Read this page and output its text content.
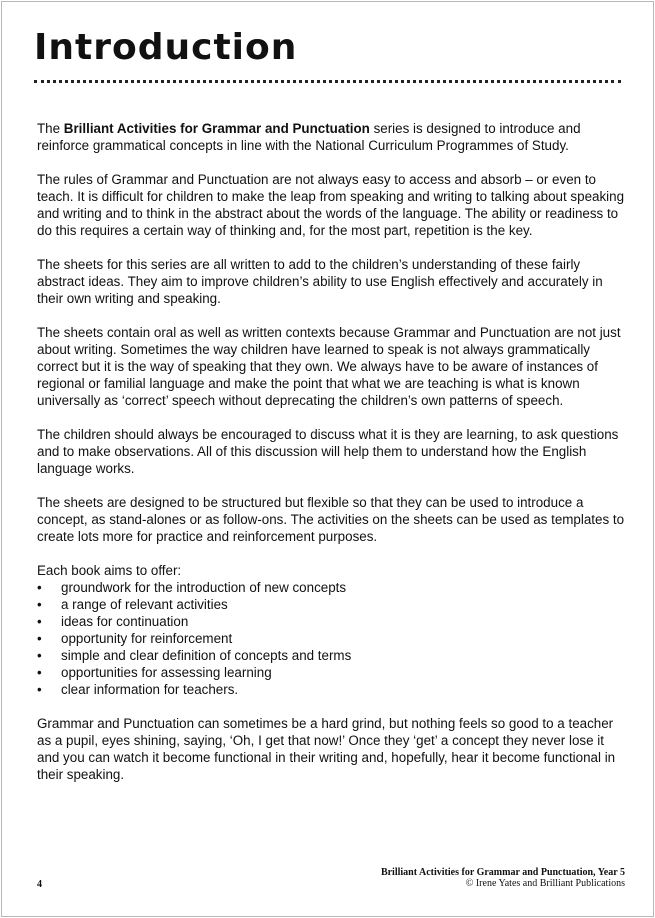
Introduction

The Brilliant Activities for Grammar and Punctuation series is designed to introduce and reinforce grammatical concepts in line with the National Curriculum Programmes of Study.

The rules of Grammar and Punctuation are not always easy to access and absorb – or even to teach. It is difficult for children to make the leap from speaking and writing to talking about speaking and writing and to think in the abstract about the words of the language. The ability or readiness to do this requires a certain way of thinking and, for the most part, repetition is the key.

The sheets for this series are all written to add to the children’s understanding of these fairly abstract ideas. They aim to improve children’s ability to use English effectively and accurately in their own writing and speaking.

The sheets contain oral as well as written contexts because Grammar and Punctuation are not just about writing. Sometimes the way children have learned to speak is not always grammatically correct but it is the way of speaking that they own. We always have to be aware of instances of regional or familial language and make the point that what we are teaching is what is known universally as ‘correct’ speech without deprecating the children’s own patterns of speech.

The children should always be encouraged to discuss what it is they are learning, to ask questions and to make observations. All of this discussion will help them to understand how the English language works.

The sheets are designed to be structured but flexible so that they can be used to introduce a concept, as stand-alones or as follow-ons. The activities on the sheets can be used as templates to create lots more for practice and reinforcement purposes.

Each book aims to offer:
• groundwork for the introduction of new concepts
• a range of relevant activities
• ideas for continuation
• opportunity for reinforcement
• simple and clear definition of concepts and terms
• opportunities for assessing learning
• clear information for teachers.

Grammar and Punctuation can sometimes be a hard grind, but nothing feels so good to a teacher as a pupil, eyes shining, saying, ‘Oh, I get that now!’ Once they ‘get’ a concept they never lose it and you can watch it become functional in their writing and, hopefully, hear it become functional in their speaking.

4
Brilliant Activities for Grammar and Punctuation, Year 5
© Irene Yates and Brilliant Publications
